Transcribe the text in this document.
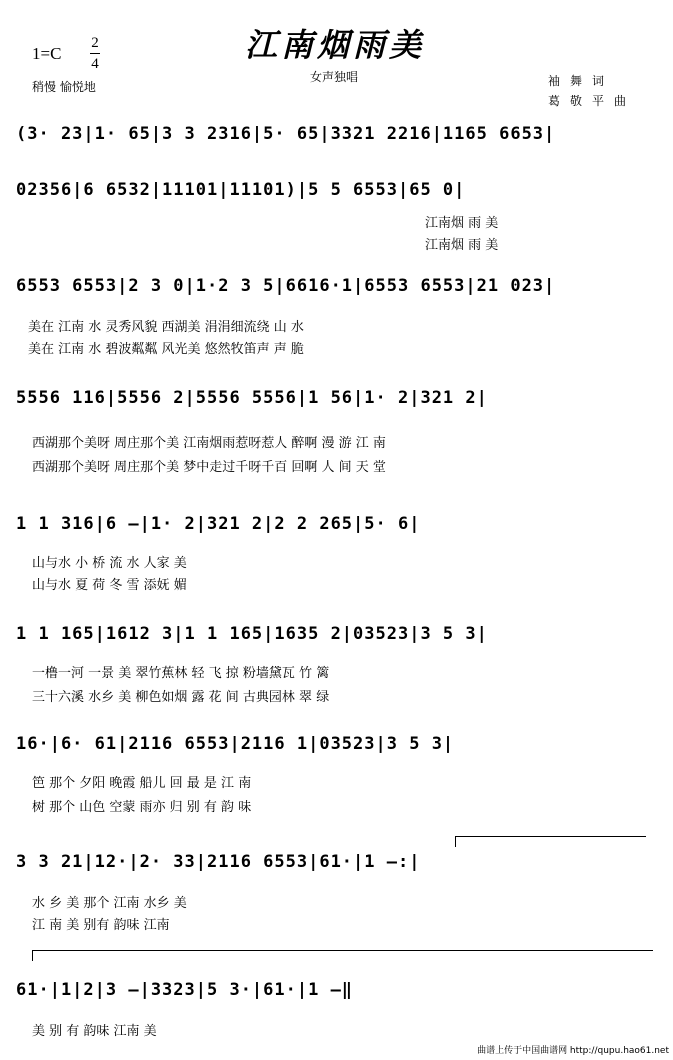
江南烟雨美
1=C
2
4
稍慢 愉悦地
女声独唱	袖舞词
葛敬平曲
(3· 23|1· 65|3 3 2316|5· 65|3321 2216|1165 6653|
02356|6 6532|11101|11101)|5 5 6553|65 0|
江南烟 雨 美
江南烟 雨 美
6553 6553|2 3 0|1·2 3 5|6616·1|6553 6553|21 023|
美在 江南 水 灵秀风貌 西湖美 涓涓细流绕 山 水
美在 江南 水 碧波粼粼 风光美 悠然牧笛声 声 脆
5556 116|5556 2|5556 5556|1 56|1· 2|321 2|
西湖那个美呀 周庄那个美 江南烟雨惹呀惹人 醉啊 漫 游 江 南
西湖那个美呀 周庄那个美 梦中走过千呀千百 回啊 人 间 天 堂
1 1 316|6 —|1· 2|321 2|2 2 265|5· 6|
山与水 小 桥 流 水 人家 美
山与水 夏 荷 冬 雪 添妩 媚
1 1 165|1612 3|1 1 165|1635 2|03523|3 5 3|
一橹一河 一景 美 翠竹蕉林 轻 飞 掠 粉墙黛瓦 竹 篱
三十六溪 水乡 美 柳色如烟 露 花 间 古典园林 翠 绿
16·|6· 61|2116 6553|2116 1|03523|3 5 3|
笆 那个 夕阳 晚霞 船儿 回 最 是 江 南
树 那个 山色 空蒙 雨亦 归 别 有 韵 味
3 3 21|12·|2· 33|2116 6553|61·|1 —:|
水 乡 美 那个 江南 水乡 美
江 南 美 别有 韵味 江南
61·|1|2|3 —|3323|5 3·|61·|1 —‖
美 别 有 韵味 江南 美
曲谱上传于中国曲谱网 http://qupu.hao61.net
